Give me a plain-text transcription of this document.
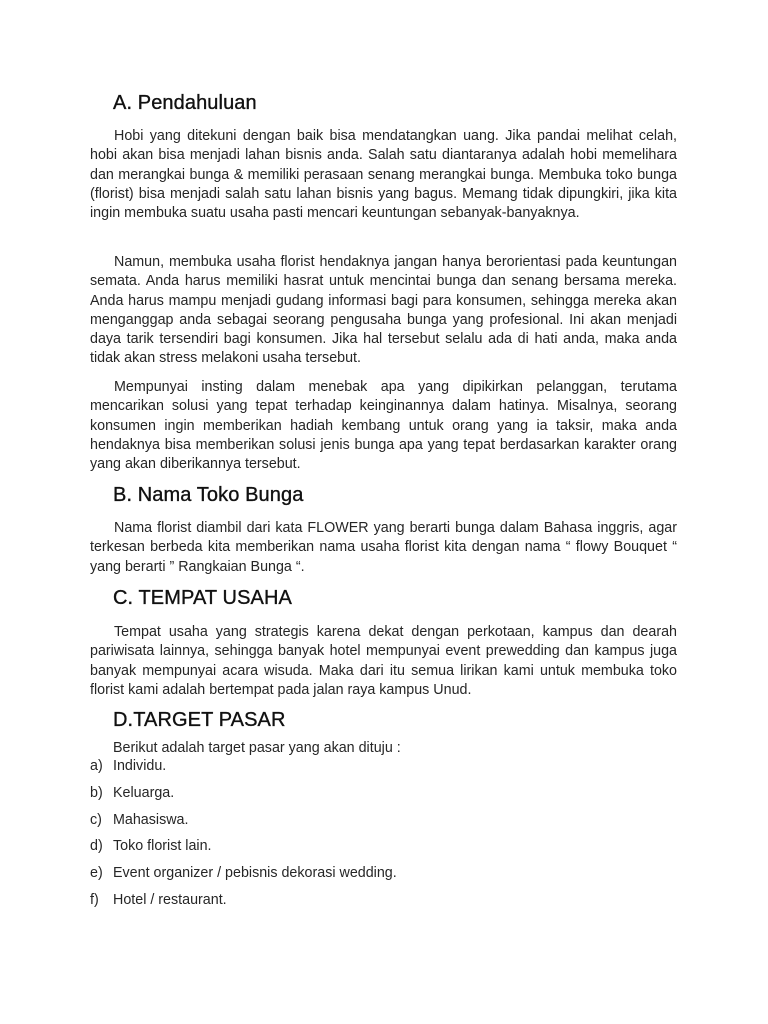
A. Pendahuluan

Hobi yang ditekuni dengan baik bisa mendatangkan uang. Jika pandai melihat celah, hobi akan bisa menjadi lahan bisnis anda. Salah satu diantaranya adalah hobi memelihara dan merangkai bunga & memiliki perasaan senang merangkai bunga. Membuka toko bunga (florist) bisa menjadi salah satu lahan bisnis yang bagus. Memang tidak dipungkiri, jika kita ingin membuka suatu usaha pasti mencari keuntungan sebanyak-banyaknya.

Namun, membuka usaha florist hendaknya jangan hanya berorientasi pada keuntungan semata. Anda harus memiliki hasrat untuk mencintai bunga dan senang bersama mereka. Anda harus mampu menjadi gudang informasi bagi para konsumen, sehingga mereka akan menganggap anda sebagai seorang pengusaha bunga yang profesional. Ini akan menjadi daya tarik tersendiri bagi konsumen. Jika hal tersebut selalu ada di hati anda, maka anda tidak akan stress melakoni usaha tersebut.

Mempunyai insting dalam menebak apa yang dipikirkan pelanggan, terutama mencarikan solusi yang tepat terhadap keinginannya dalam hatinya. Misalnya, seorang konsumen ingin memberikan hadiah kembang untuk orang yang ia taksir, maka anda hendaknya bisa memberikan solusi jenis bunga apa yang tepat berdasarkan karakter orang yang akan diberikannya tersebut.

B. Nama Toko Bunga

Nama florist diambil dari kata FLOWER yang berarti bunga dalam Bahasa inggris, agar terkesan berbeda kita memberikan nama usaha florist kita dengan nama “ flowy Bouquet “ yang berarti ” Rangkaian Bunga “.

C. TEMPAT USAHA

Tempat usaha yang strategis karena dekat dengan perkotaan, kampus dan dearah pariwisata lainnya, sehingga banyak hotel mempunyai event prewedding dan kampus juga banyak mempunyai acara wisuda. Maka dari itu semua lirikan kami untuk membuka toko florist kami adalah bertempat pada jalan raya kampus Unud.

D.TARGET PASAR

Berikut adalah target pasar yang akan dituju :

a) Individu.
b) Keluarga.
c) Mahasiswa.
d) Toko florist lain.
e) Event organizer / pebisnis dekorasi wedding.
f) Hotel / restaurant.
